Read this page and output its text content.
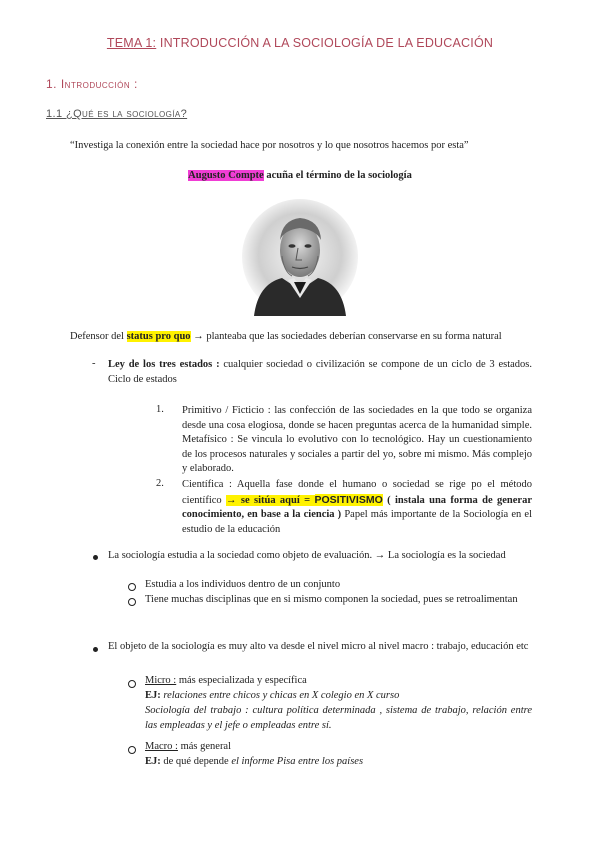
TEMA 1: INTRODUCCIÓN A LA SOCIOLOGÍA DE LA EDUCACIÓN
1. Introducción :
1.1 ¿Qué es la sociología?
“Investiga la conexión entre la sociedad hace por nosotros y lo que nosotros hacemos por esta”
Augusto Compte acuña el término de la sociología
Defensor del status pro quo → planteaba que las sociedades deberían conservarse en su forma natural
- Ley de los tres estados : cualquier sociedad o civilización se compone de un ciclo de 3 estados. Ciclo de estados
1. Primitivo / Ficticio : las confección de las sociedades en la que todo se organiza desde una cosa elogiosa, donde se hacen preguntas acerca de la humanidad simple. Metafísico : Se vincula lo evolutivo con lo tecnológico. Hay un cuestionamiento de los procesos naturales y sociales a partir del yo, sobre mi mismo. Más complejo y elaborado.
2. Científica : Aquella fase donde el humano o sociedad se rige po el método científico → se sitúa aquí = POSITIVISMO ( instala una forma de generar conocimiento, en base a la ciencia ) Papel más importante de la Sociología en el estudio de la educación
La sociología estudia a la sociedad como objeto de evaluación. → La sociología es la sociedad
Estudia a los individuos dentro de un conjunto
Tiene muchas disciplinas que en si mismo componen la sociedad, pues se retroalimentan
El objeto de la sociología es muy alto va desde el nivel micro al nivel macro : trabajo, educación etc
Micro : más especializada y específica
EJ: relaciones entre chicos y chicas en X colegio en X curso
Sociología del trabajo : cultura política determinada , sistema de trabajo, relación entre las empleadas y el jefe o empleadas entre sí.
Macro : más general
EJ: de qué depende el informe Pisa entre los países
